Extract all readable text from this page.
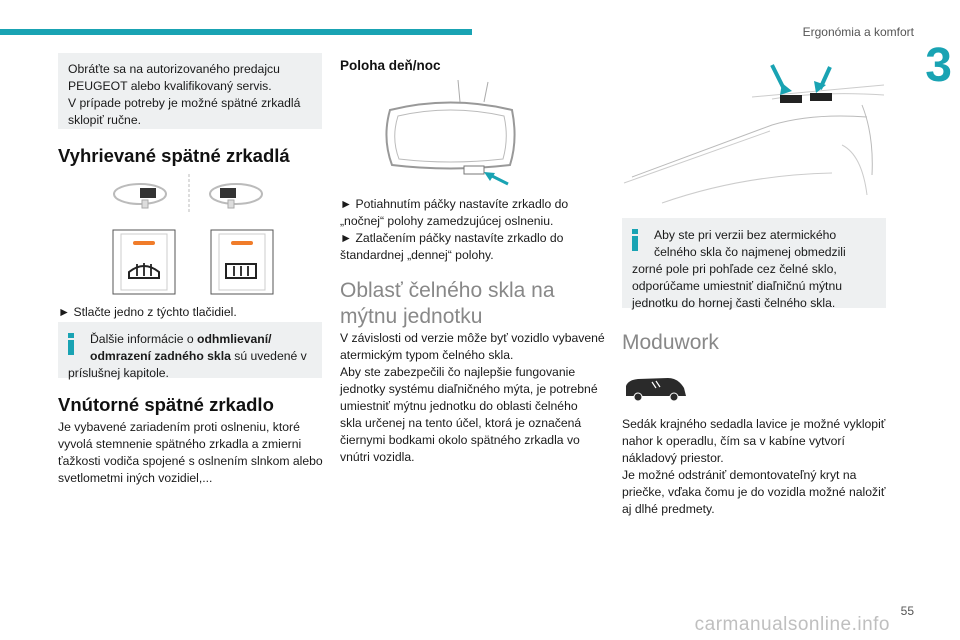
Ergonómia a komfort
3
Obráťte sa na autorizovaného predajcu
PEUGEOT alebo kvalifikovaný servis.
V prípade potreby je možné spätné zrkadlá
sklopiť ručne.
Vyhrievané spätné zrkadlá
► Stlačte jedno z týchto tlačidiel.
Ďalšie informácie o odhmlievaní/
odmrazení zadného skla sú uvedené v
príslušnej kapitole.
Vnútorné spätné zrkadlo
Je vybavené zariadením proti oslneniu, ktoré
vyvolá stemnenie spätného zrkadla a zmierni
ťažkosti vodiča spojené s oslnením slnkom alebo
svetlometmi iných vozidiel,...
Poloha deň/noc
► Potiahnutím páčky nastavíte zrkadlo do
„nočnej“ polohy zamedzujúcej oslneniu.
► Zatlačením páčky nastavíte zrkadlo do
štandardnej „dennej“ polohy.
Oblasť čelného skla na
mýtnu jednotku
V závislosti od verzie môže byť vozidlo vybavené
atermickým typom čelného skla.
Aby ste zabezpečili čo najlepšie fungovanie
jednotky systému diaľničného mýta, je potrebné
umiestniť mýtnu jednotku do oblasti čelného
skla určenej na tento účel, ktorá je označená
čiernymi bodkami okolo spätného zrkadla vo
vnútri vozidla.
Aby ste pri verzii bez atermického
čelného skla čo najmenej obmedzili
zorné pole pri pohľade cez čelné sklo,
odporúčame umiestniť diaľničnú mýtnu
jednotku do hornej časti čelného skla.
Moduwork
Sedák krajného sedadla lavice je možné vyklopiť
nahor k operadlu, čím sa v kabíne vytvorí
nákladový priestor.
Je možné odstrániť demontovateľný kryt na
priečke, vďaka čomu je do vozidla možné naložiť
aj dlhé predmety.
55
carmanualsonline.info
